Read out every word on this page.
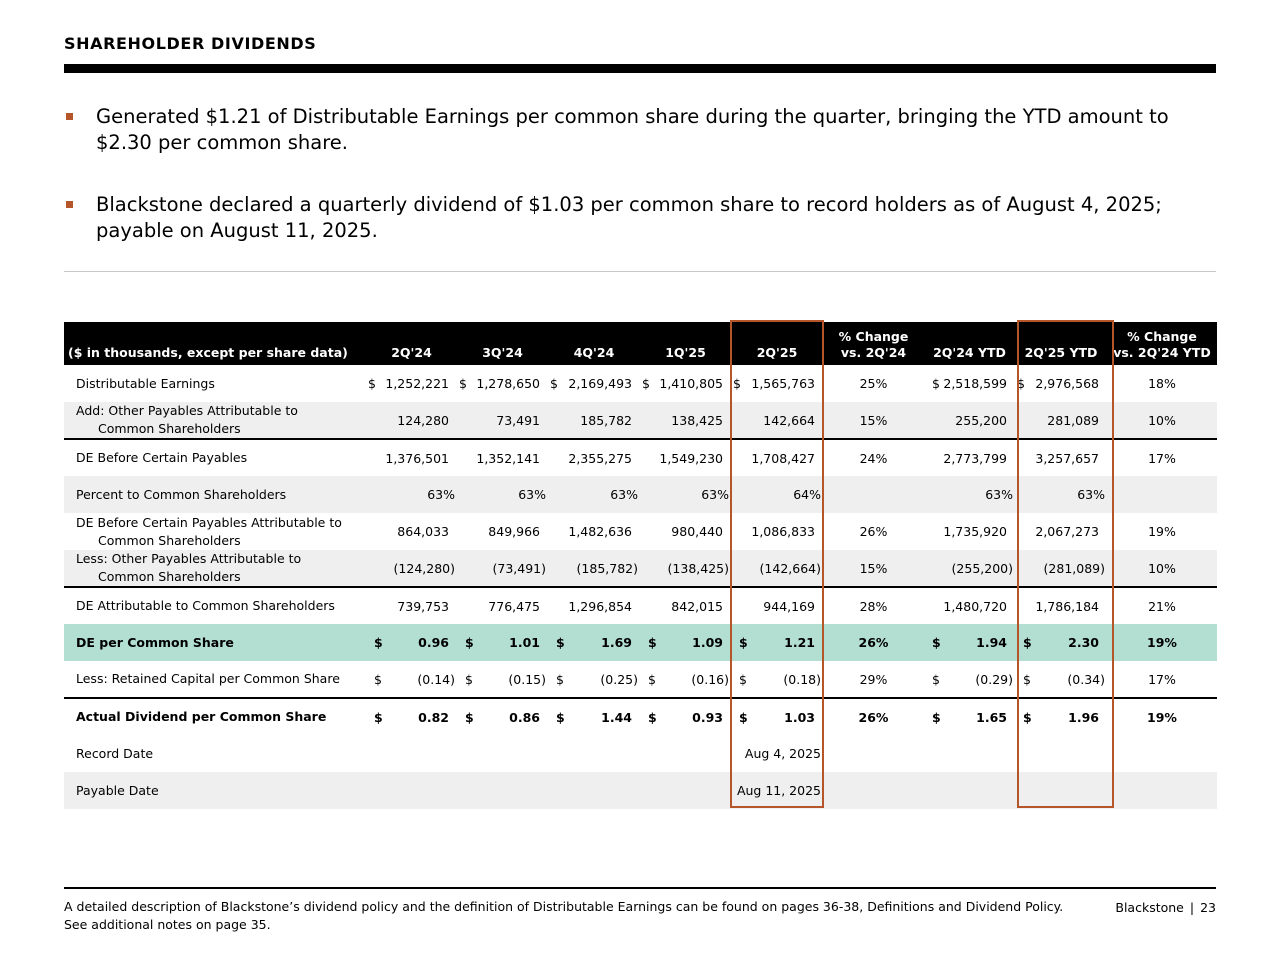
SHAREHOLDER DIVIDENDS
Generated $1.21 of Distributable Earnings per common share during the quarter, bringing the YTD amount to $2.30 per common share.
Blackstone declared a quarterly dividend of $1.03 per common share to record holders as of August 4, 2025; payable on August 11, 2025.
($ in thousands, except per share data)	2Q'24	3Q'24	4Q'24	1Q'25	2Q'25	% Change
vs. 2Q'24	2Q'24 YTD	2Q'25 YTD	% Change
vs. 2Q'24 YTD
Distributable Earnings	$ 1,252,221	$ 1,278,650	$ 2,169,493	$ 1,410,805	$ 1,565,763	25%	$ 2,518,599	$ 2,976,568	18%
Add: Other Payables Attributable to
Common Shareholders	124,280	73,491	185,782	138,425	142,664	15%	255,200	281,089	10%
DE Before Certain Payables	1,376,501	1,352,141	2,355,275	1,549,230	1,708,427	24%	2,773,799	3,257,657	17%
Percent to Common Shareholders	63%	63%	63%	63%	64%		63%	63%	
DE Before Certain Payables Attributable to
Common Shareholders	864,033	849,966	1,482,636	980,440	1,086,833	26%	1,735,920	2,067,273	19%
Less: Other Payables Attributable to
Common Shareholders	(124,280)	(73,491)	(185,782)	(138,425)	(142,664)	15%	(255,200)	(281,089)	10%
DE Attributable to Common Shareholders	739,753	776,475	1,296,854	842,015	944,169	28%	1,480,720	1,786,184	21%
DE per Common Share	$ 0.96	$ 1.01	$ 1.69	$ 1.09	$ 1.21	26%	$ 1.94	$ 2.30	19%
Less: Retained Capital per Common Share	$ (0.14)	$ (0.15)	$ (0.25)	$ (0.16)	$ (0.18)	29%	$ (0.29)	$ (0.34)	17%
Actual Dividend per Common Share	$ 0.82	$ 0.86	$ 1.44	$ 0.93	$ 1.03	26%	$ 1.65	$ 1.96	19%
Record Date					Aug 4, 2025				
Payable Date					Aug 11, 2025				
A detailed description of Blackstone’s dividend policy and the definition of Distributable Earnings can be found on pages 36-38, Definitions and Dividend Policy.
See additional notes on page 35.
Blackstone | 23
